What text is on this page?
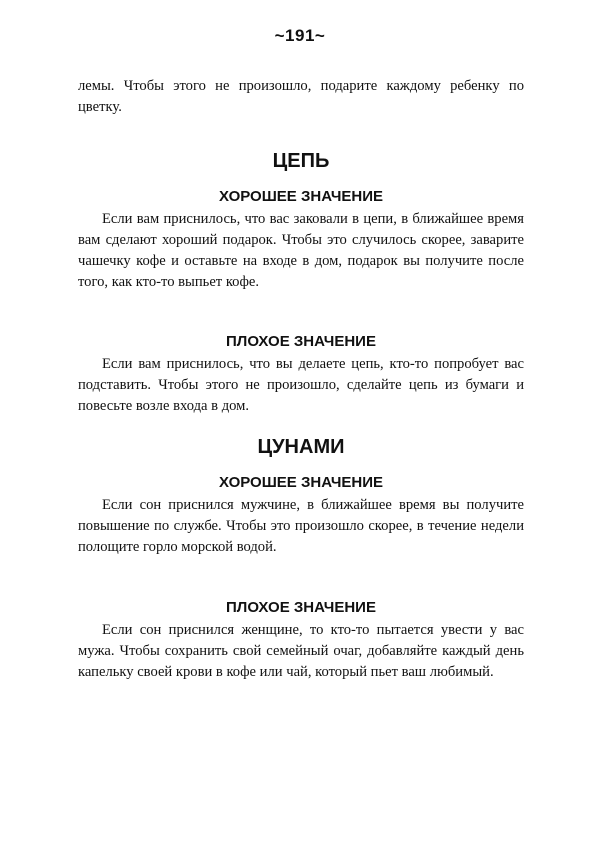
~191~

лемы. Чтобы этого не произошло, подарите каждому ребенку по цветку.

ЦЕПЬ
ХОРОШЕЕ ЗНАЧЕНИЕ

Если вам приснилось, что вас заковали в цепи, в ближайшее время вам сделают хороший подарок. Чтобы это случилось скорее, заварите чашечку кофе и оставьте на входе в дом, подарок вы получите после того, как кто-то выпьет кофе.

ПЛОХОЕ ЗНАЧЕНИЕ

Если вам приснилось, что вы делаете цепь, кто-то попробует вас подставить. Чтобы этого не произошло, сделайте цепь из бумаги и повесьте возле входа в дом.

ЦУНАМИ
ХОРОШЕЕ ЗНАЧЕНИЕ

Если сон приснился мужчине, в ближайшее время вы получите повышение по службе. Чтобы это произошло скорее, в течение недели полощите горло морской водой.

ПЛОХОЕ ЗНАЧЕНИЕ

Если сон приснился женщине, то кто-то пытается увести у вас мужа. Чтобы сохранить свой семейный очаг, добавляйте каждый день капельку своей крови в кофе или чай, который пьет ваш любимый.
